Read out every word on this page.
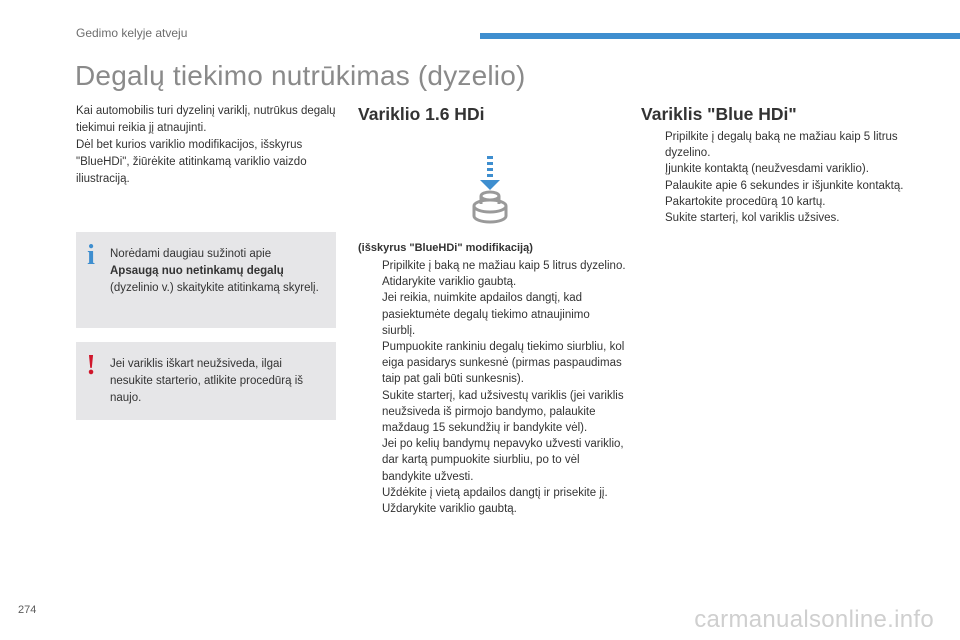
Gedimo kelyje atveju
Degalų tiekimo nutrūkimas (dyzelio)

Kai automobilis turi dyzelinį variklį, nutrūkus degalų tiekimui reikia jį atnaujinti.

Dėl bet kurios variklio modifikacijos, išskyrus "BlueHDi", žiūrėkite atitinkamą variklio vaizdo iliustraciją.

i Norėdami daugiau sužinoti apie
Apsaugą nuo netinkamų degalų
(dyzelinio v.) skaitykite atitinkamą skyrelį.
! Jei variklis iškart neužsiveda, ilgai nesukite starterio, atlikite procedūrą iš naujo.
Variklio 1.6 HDi
(išskyrus "BlueHDi" modifikaciją)
Pripilkite į baką ne mažiau kaip 5 litrus dyzelino.
Atidarykite variklio gaubtą.
Jei reikia, nuimkite apdailos dangtį, kad pasiektumėte degalų tiekimo atnaujinimo siurblį.
Pumpuokite rankiniu degalų tiekimo siurbliu, kol eiga pasidarys sunkesnė (pirmas paspaudimas taip pat gali būti sunkesnis).
Sukite starterį, kad užsivestų variklis (jei variklis neužsiveda iš pirmojo bandymo, palaukite maždaug 15 sekundžių ir bandykite vėl).
Jei po kelių bandymų nepavyko užvesti variklio, dar kartą pumpuokite siurbliu, po to vėl bandykite užvesti.
Uždėkite į vietą apdailos dangtį ir prisekite jį.
Uždarykite variklio gaubtą.
Variklis "Blue HDi"
Pripilkite į degalų baką ne mažiau kaip 5 litrus dyzelino.
Įjunkite kontaktą (neužvesdami variklio).
Palaukite apie 6 sekundes ir išjunkite kontaktą.
Pakartokite procedūrą 10 kartų.
Sukite starterį, kol variklis užsives.
274	carmanualsonline.info
